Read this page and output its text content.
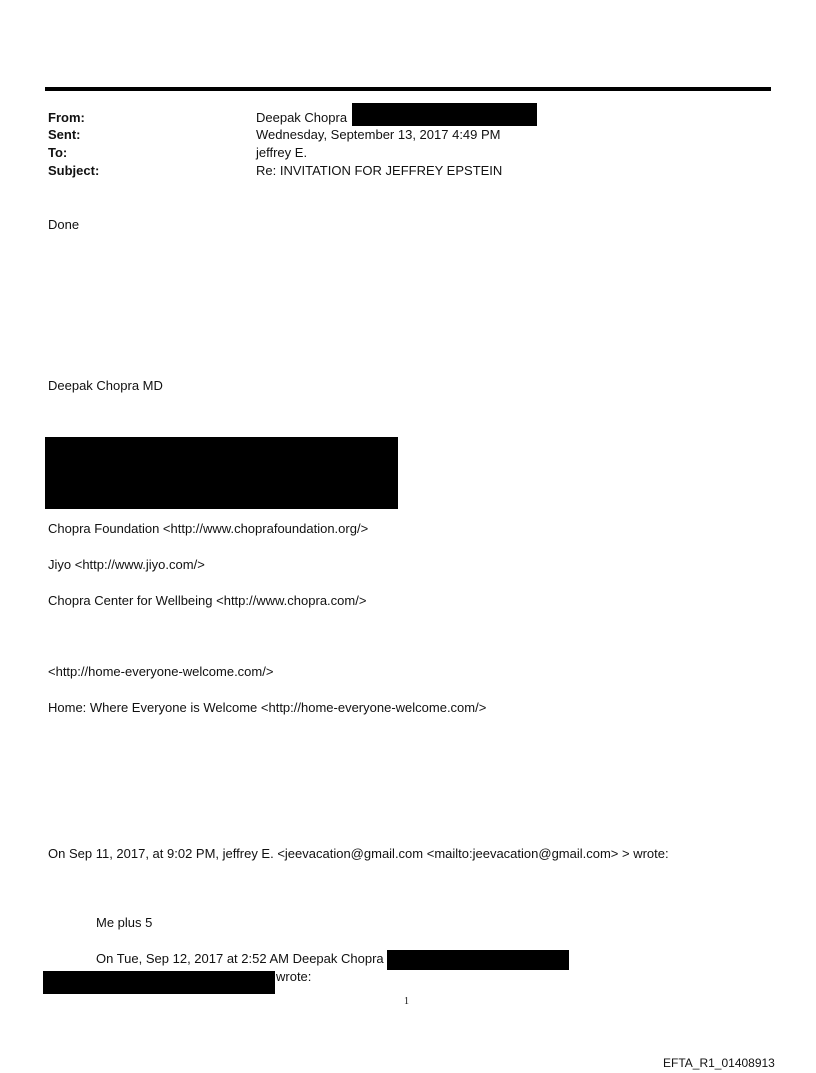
From:	Deepak Chopra
Sent:	Wednesday, September 13, 2017 4:49 PM
To:	jeffrey E.
Subject:	Re: INVITATION FOR JEFFREY EPSTEIN
Done
Deepak Chopra MD
Chopra Foundation <http://www.choprafoundation.org/>
Jiyo <http://www.jiyo.com/>
Chopra Center for Wellbeing <http://www.chopra.com/>
<http://home-everyone-welcome.com/>
Home: Where Everyone is Welcome <http://home-everyone-welcome.com/>
On Sep 11, 2017, at 9:02 PM, jeffrey E. <jeevacation@gmail.com <mailto:jeevacation@gmail.com> > wrote:
Me plus 5
On Tue, Sep 12, 2017 at 2:52 AM Deepak Chopra
wrote:
1
EFTA_R1_01408913
